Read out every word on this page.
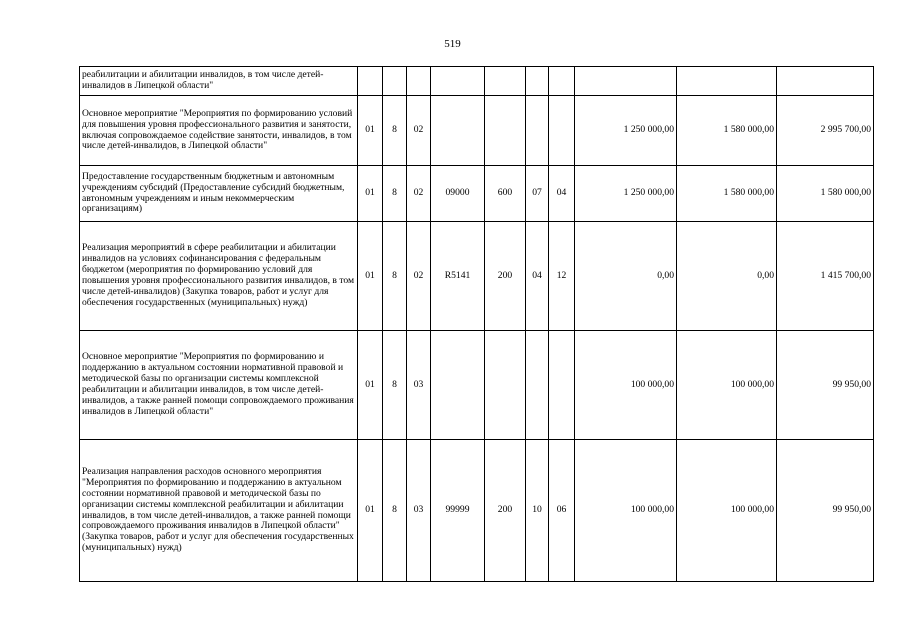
519
реабилитации и абилитации инвалидов, в том числе детей-инвалидов в Липецкой области"										
Основное мероприятие "Мероприятия по формированию условий для повышения уровня профессионального развития и занятости, включая сопровождаемое содействие занятости, инвалидов, в том числе детей-инвалидов, в Липецкой области"	01	8	02					1 250 000,00	1 580 000,00	2 995 700,00
Предоставление государственным бюджетным и автономным учреждениям субсидий (Предоставление субсидий бюджетным, автономным учреждениям и иным некоммерческим организациям)	01	8	02	09000	600	07	04	1 250 000,00	1 580 000,00	1 580 000,00
Реализация мероприятий в сфере реабилитации и абилитации инвалидов на условиях софинансирования с федеральным бюджетом (мероприятия по формированию условий для повышения уровня профессионального развития инвалидов, в том числе детей-инвалидов) (Закупка товаров, работ и услуг для обеспечения государственных (муниципальных) нужд)	01	8	02	R5141	200	04	12	0,00	0,00	1 415 700,00
Основное мероприятие "Мероприятия по формированию и поддержанию в актуальном состоянии нормативной правовой и методической базы по организации системы комплексной реабилитации и абилитации инвалидов, в том числе детей-инвалидов, а также ранней помощи сопровождаемого проживания инвалидов в Липецкой области"	01	8	03					100 000,00	100 000,00	99 950,00
Реализация направления расходов основного мероприятия "Мероприятия по формированию и поддержанию в актуальном состоянии нормативной правовой и методической базы по организации системы комплексной реабилитации и абилитации инвалидов, в том числе детей-инвалидов, а также ранней помощи сопровождаемого проживания инвалидов в Липецкой области" (Закупка товаров, работ и услуг для обеспечения государственных (муниципальных) нужд)	01	8	03	99999	200	10	06	100 000,00	100 000,00	99 950,00
